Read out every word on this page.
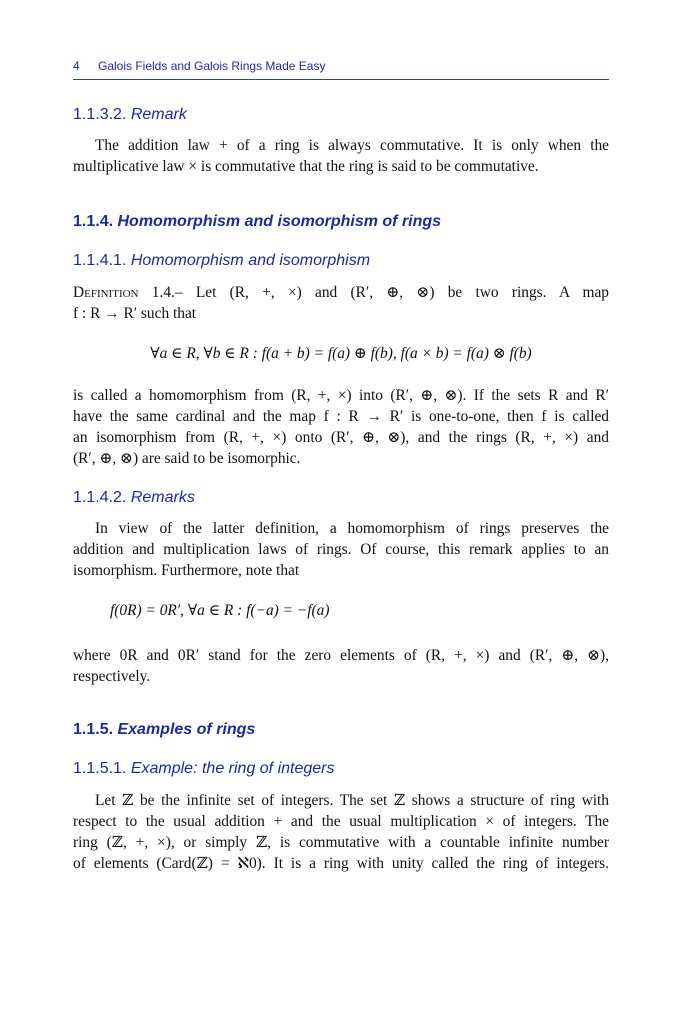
4 Galois Fields and Galois Rings Made Easy
1.1.3.2. Remark
The addition law + of a ring is always commutative. It is only when the
multiplicative law × is commutative that the ring is said to be commutative.
1.1.4. Homomorphism and isomorphism of rings
1.1.4.1. Homomorphism and isomorphism
Definition 1.4.– Let (R, +, ×) and (R′, ⊕, ⊗) be two rings. A map
f : R → R′ such that
∀a ∈ R, ∀b ∈ R : f(a + b) = f(a) ⊕ f(b), f(a × b) = f(a) ⊗ f(b)
is called a homomorphism from (R, +, ×) into (R′, ⊕, ⊗). If the sets R and R′
have the same cardinal and the map f : R → R′ is one-to-one, then f is called
an isomorphism from (R, +, ×) onto (R′, ⊕, ⊗), and the rings (R, +, ×) and
(R′, ⊕, ⊗) are said to be isomorphic.
1.1.4.2. Remarks
In view of the latter definition, a homomorphism of rings preserves the
addition and multiplication laws of rings. Of course, this remark applies to an
isomorphism. Furthermore, note that
f(0R) = 0R′, ∀a ∈ R : f(−a) = −f(a)
where 0R and 0R′ stand for the zero elements of (R, +, ×) and (R′, ⊕, ⊗),
respectively.
1.1.5. Examples of rings
1.1.5.1. Example: the ring of integers
Let ℤ be the infinite set of integers. The set ℤ shows a structure of ring with
respect to the usual addition + and the usual multiplication × of integers. The
ring (ℤ, +, ×), or simply ℤ, is commutative with a countable infinite number
of elements (Card(ℤ) = ℵ0). It is a ring with unity called the ring of integers.
